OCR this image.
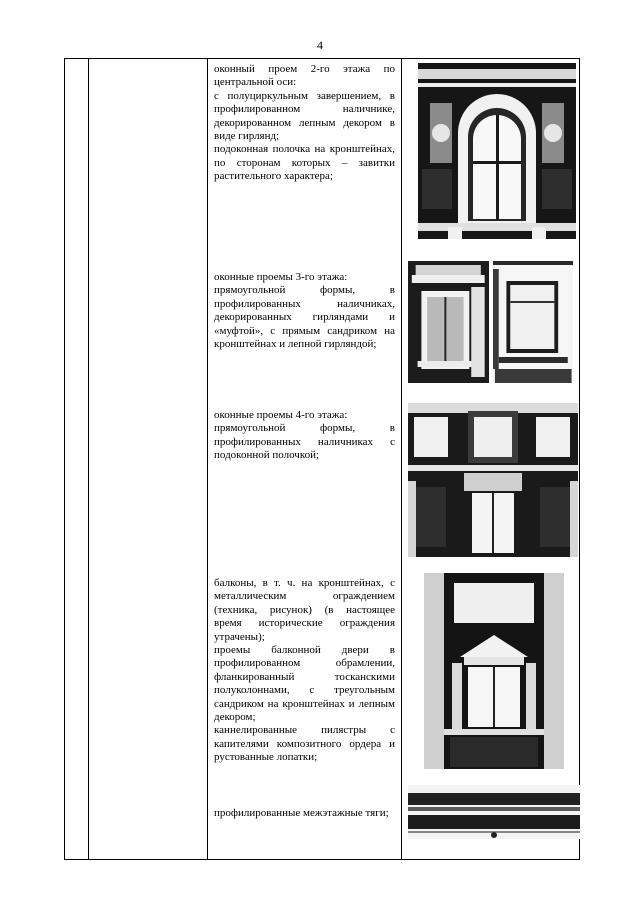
4

оконный проем 2-го этажа по центральной оси:

с полуциркульным завершением, в профилированном наличнике, декорированном лепным декором в виде гирлянд;

подоконная полочка на кронштейнах, по сторонам которых – завитки растительного характера;

оконные проемы 3-го этажа:

прямоугольной формы, в профилированных наличниках, декорированных гирляндами и «муфтой», с прямым сандриком на кронштейнах и лепной гирляндой;

оконные проемы 4-го этажа:

прямоугольной формы, в профилированных наличниках с подоконной полочкой;

балконы, в т. ч. на кронштейнах, с металлическим ограждением (техника, рисунок) (в настоящее время исторические ограждения утрачены);

проемы балконной двери в профилированном обрамлении, фланкированный тосканскими полуколоннами, с треугольным сандриком на кронштейнах и лепным декором;

каннелированные пилястры с капителями композитного ордера и рустованные лопатки;

профилированные межэтажные тяги;
